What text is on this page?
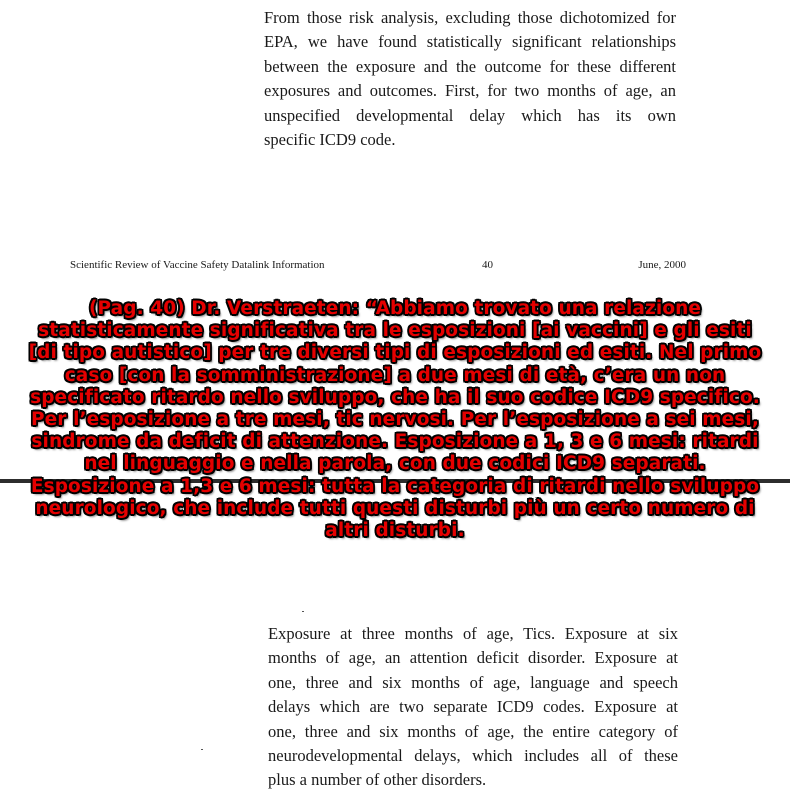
From those risk analysis, excluding those dichotomized for
EPA, we have found statistically significant relationships
between the exposure and the outcome for these different
exposures and outcomes. First, for two months of age, an
unspecified developmental delay which has its own
specific ICD9 code.
Scientific Review of Vaccine Safety Datalink Information	40	June, 2000
(Pag. 40) Dr. Verstraeten: “Abbiamo trovato una relazione
statisticamente significativa tra le esposizioni [ai vaccini] e gli esiti
[di tipo autistico] per tre diversi tipi di esposizioni ed esiti. Nel primo
caso [con la somministrazione] a due mesi di età, c’era un non
specificato ritardo nello sviluppo, che ha il suo codice ICD9 specifico.
Per l’esposizione a tre mesi, tic nervosi. Per l’esposizione a sei mesi,
sindrome da deficit di attenzione. Esposizione a 1, 3 e 6 mesi: ritardi
nel linguaggio e nella parola, con due codici ICD9 separati.
Esposizione a 1,3 e 6 mesi: tutta la categoria di ritardi nello sviluppo
neurologico, che include tutti questi disturbi più un certo numero di
altri disturbi.
Exposure at three months of age, Tics. Exposure at six
months of age, an attention deficit disorder. Exposure at
one, three and six months of age, language and speech
delays which are two separate ICD9 codes. Exposure at
one, three and six months of age, the entire category of
neurodevelopmental delays, which includes all of these
plus a number of other disorders.
